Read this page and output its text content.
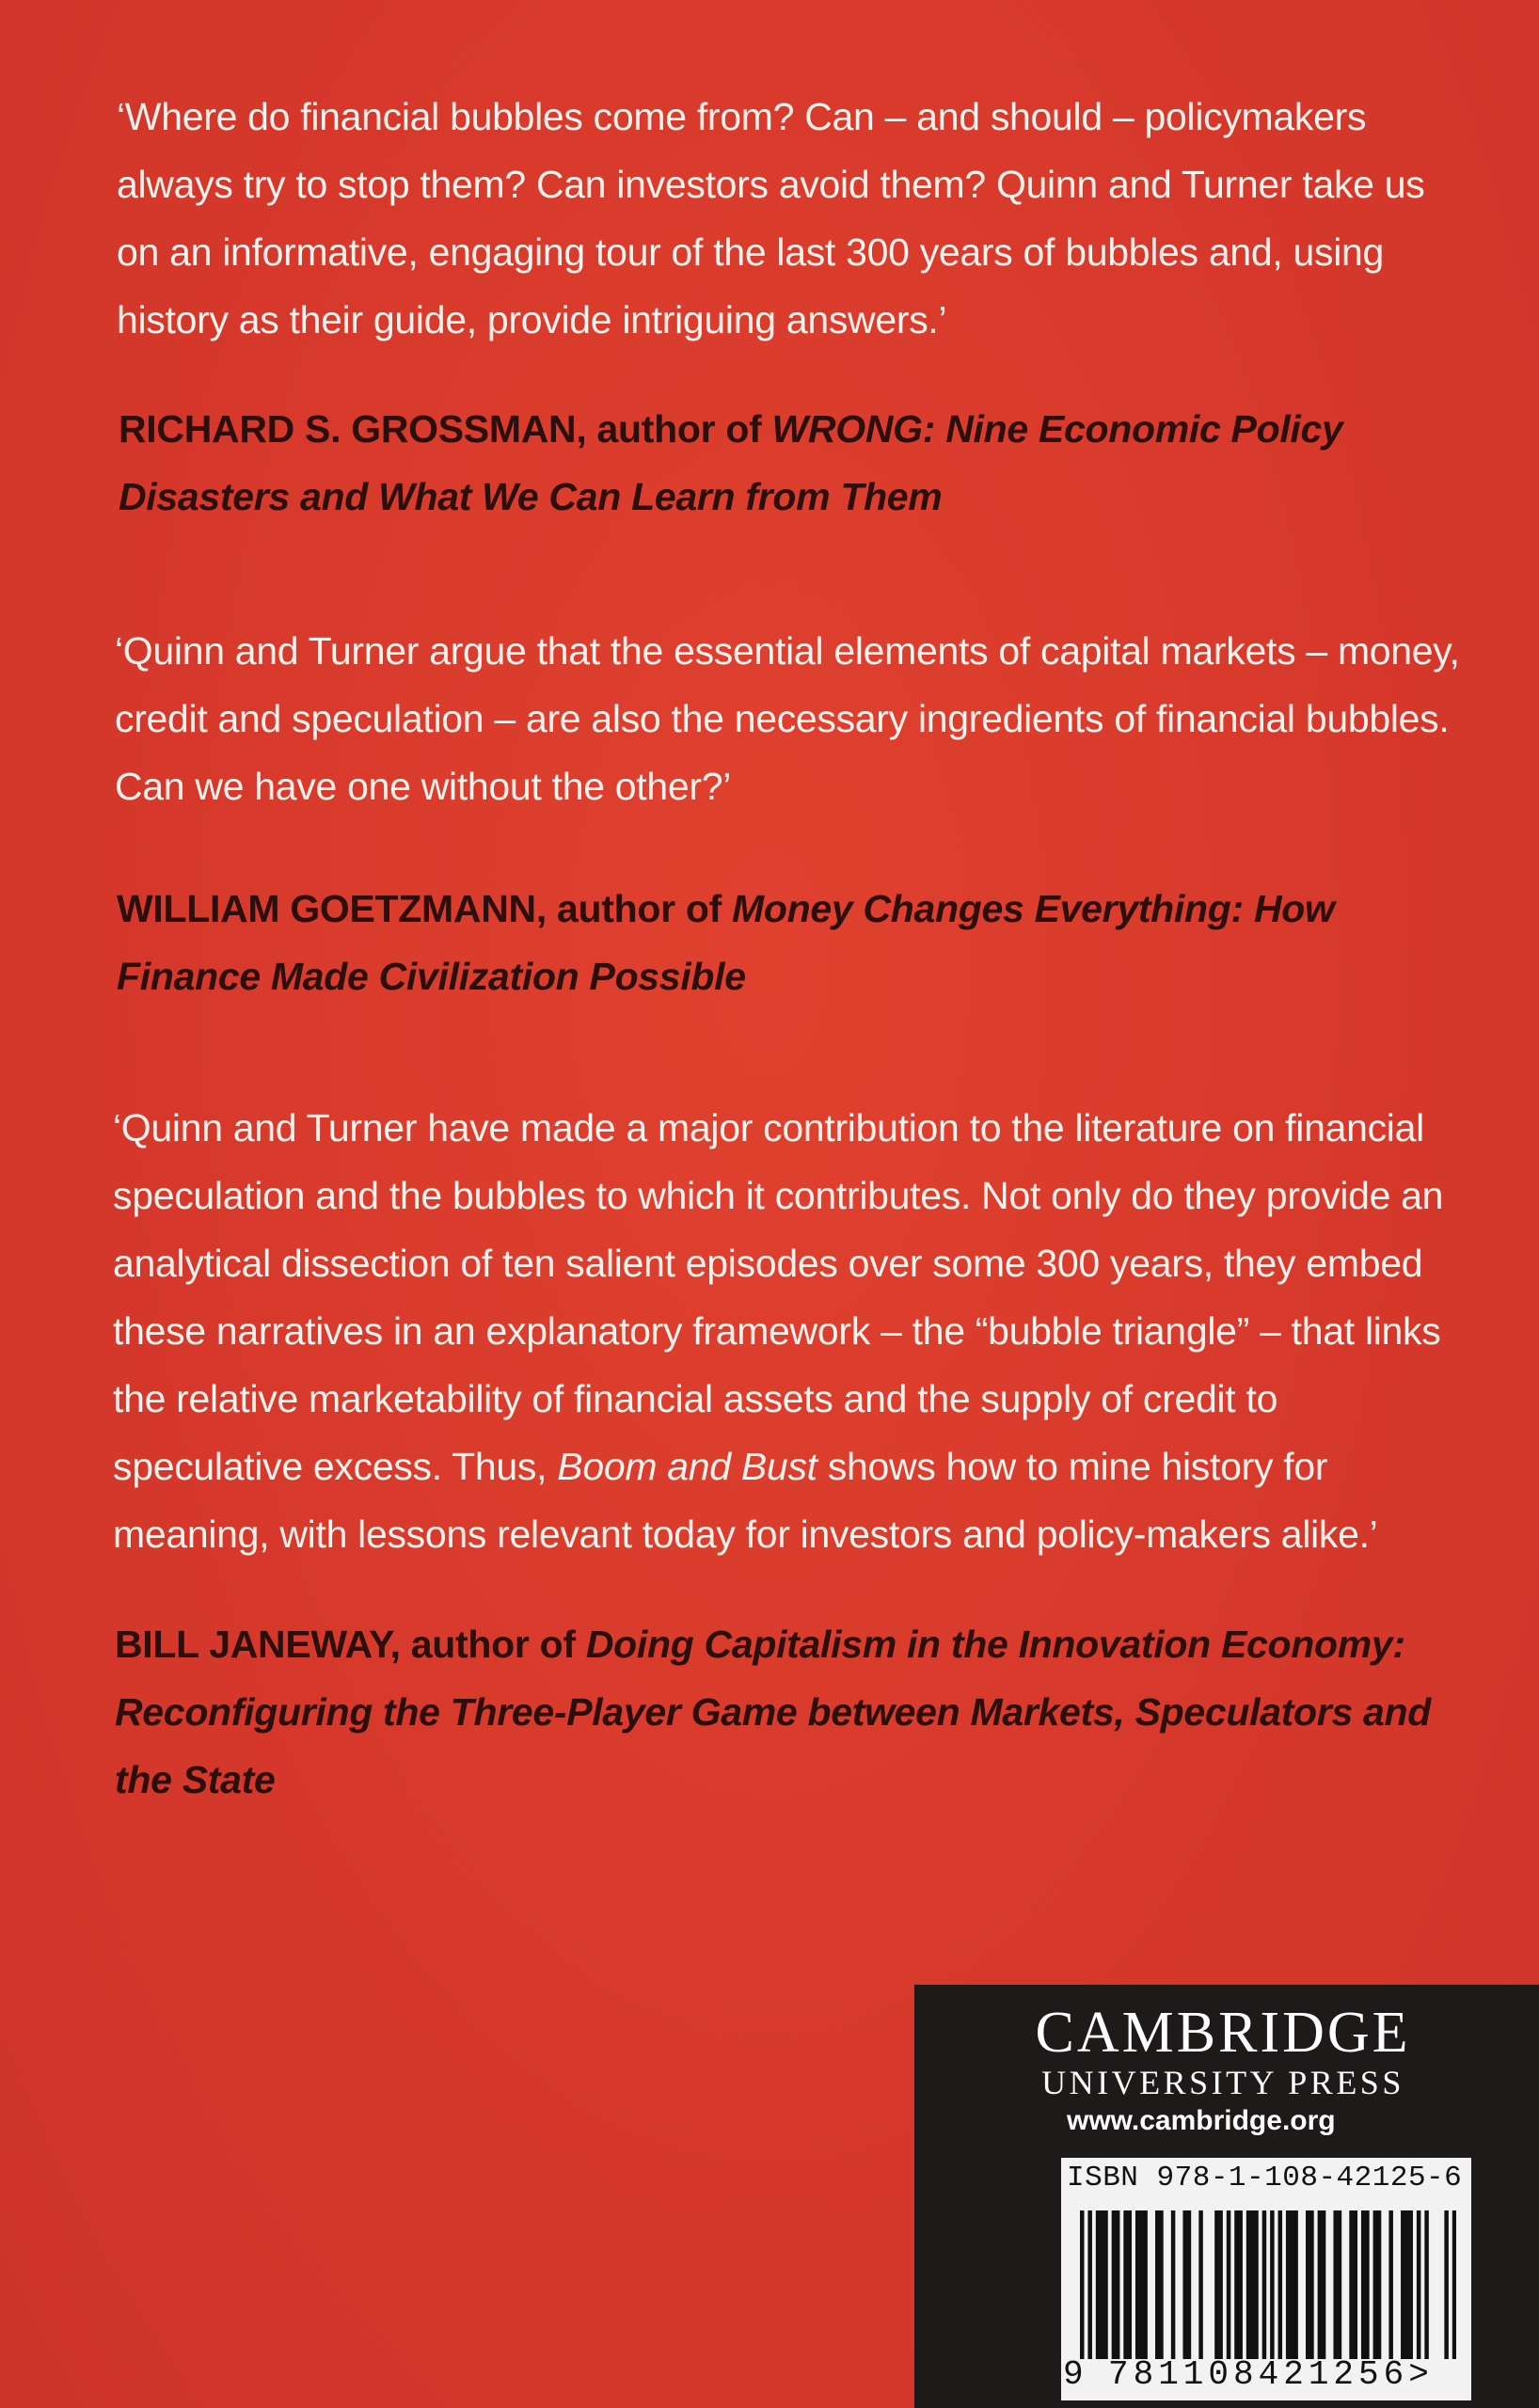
‘Where do financial bubbles come from? Can – and should – policymakers always try to stop them? Can investors avoid them? Quinn and Turner take us on an informative, engaging tour of the last 300 years of bubbles and, using history as their guide, provide intriguing answers.’
RICHARD S. GROSSMAN, author of WRONG: Nine Economic Policy Disasters and What We Can Learn from Them
‘Quinn and Turner argue that the essential elements of capital markets – money, credit and speculation – are also the necessary ingredients of financial bubbles. Can we have one without the other?’
WILLIAM GOETZMANN, author of Money Changes Everything: How Finance Made Civilization Possible
‘Quinn and Turner have made a major contribution to the literature on financial speculation and the bubbles to which it contributes. Not only do they provide an analytical dissection of ten salient episodes over some 300 years, they embed these narratives in an explanatory framework – the “bubble triangle” – that links the relative marketability of financial assets and the supply of credit to speculative excess. Thus, Boom and Bust shows how to mine history for meaning, with lessons relevant today for investors and policy-makers alike.’
BILL JANEWAY, author of Doing Capitalism in the Innovation Economy: Reconfiguring the Three-Player Game between Markets, Speculators and the State
CAMBRIDGE
UNIVERSITY PRESS
www.cambridge.org
ISBN 978-1-108-42125-6
9 781108421256>
